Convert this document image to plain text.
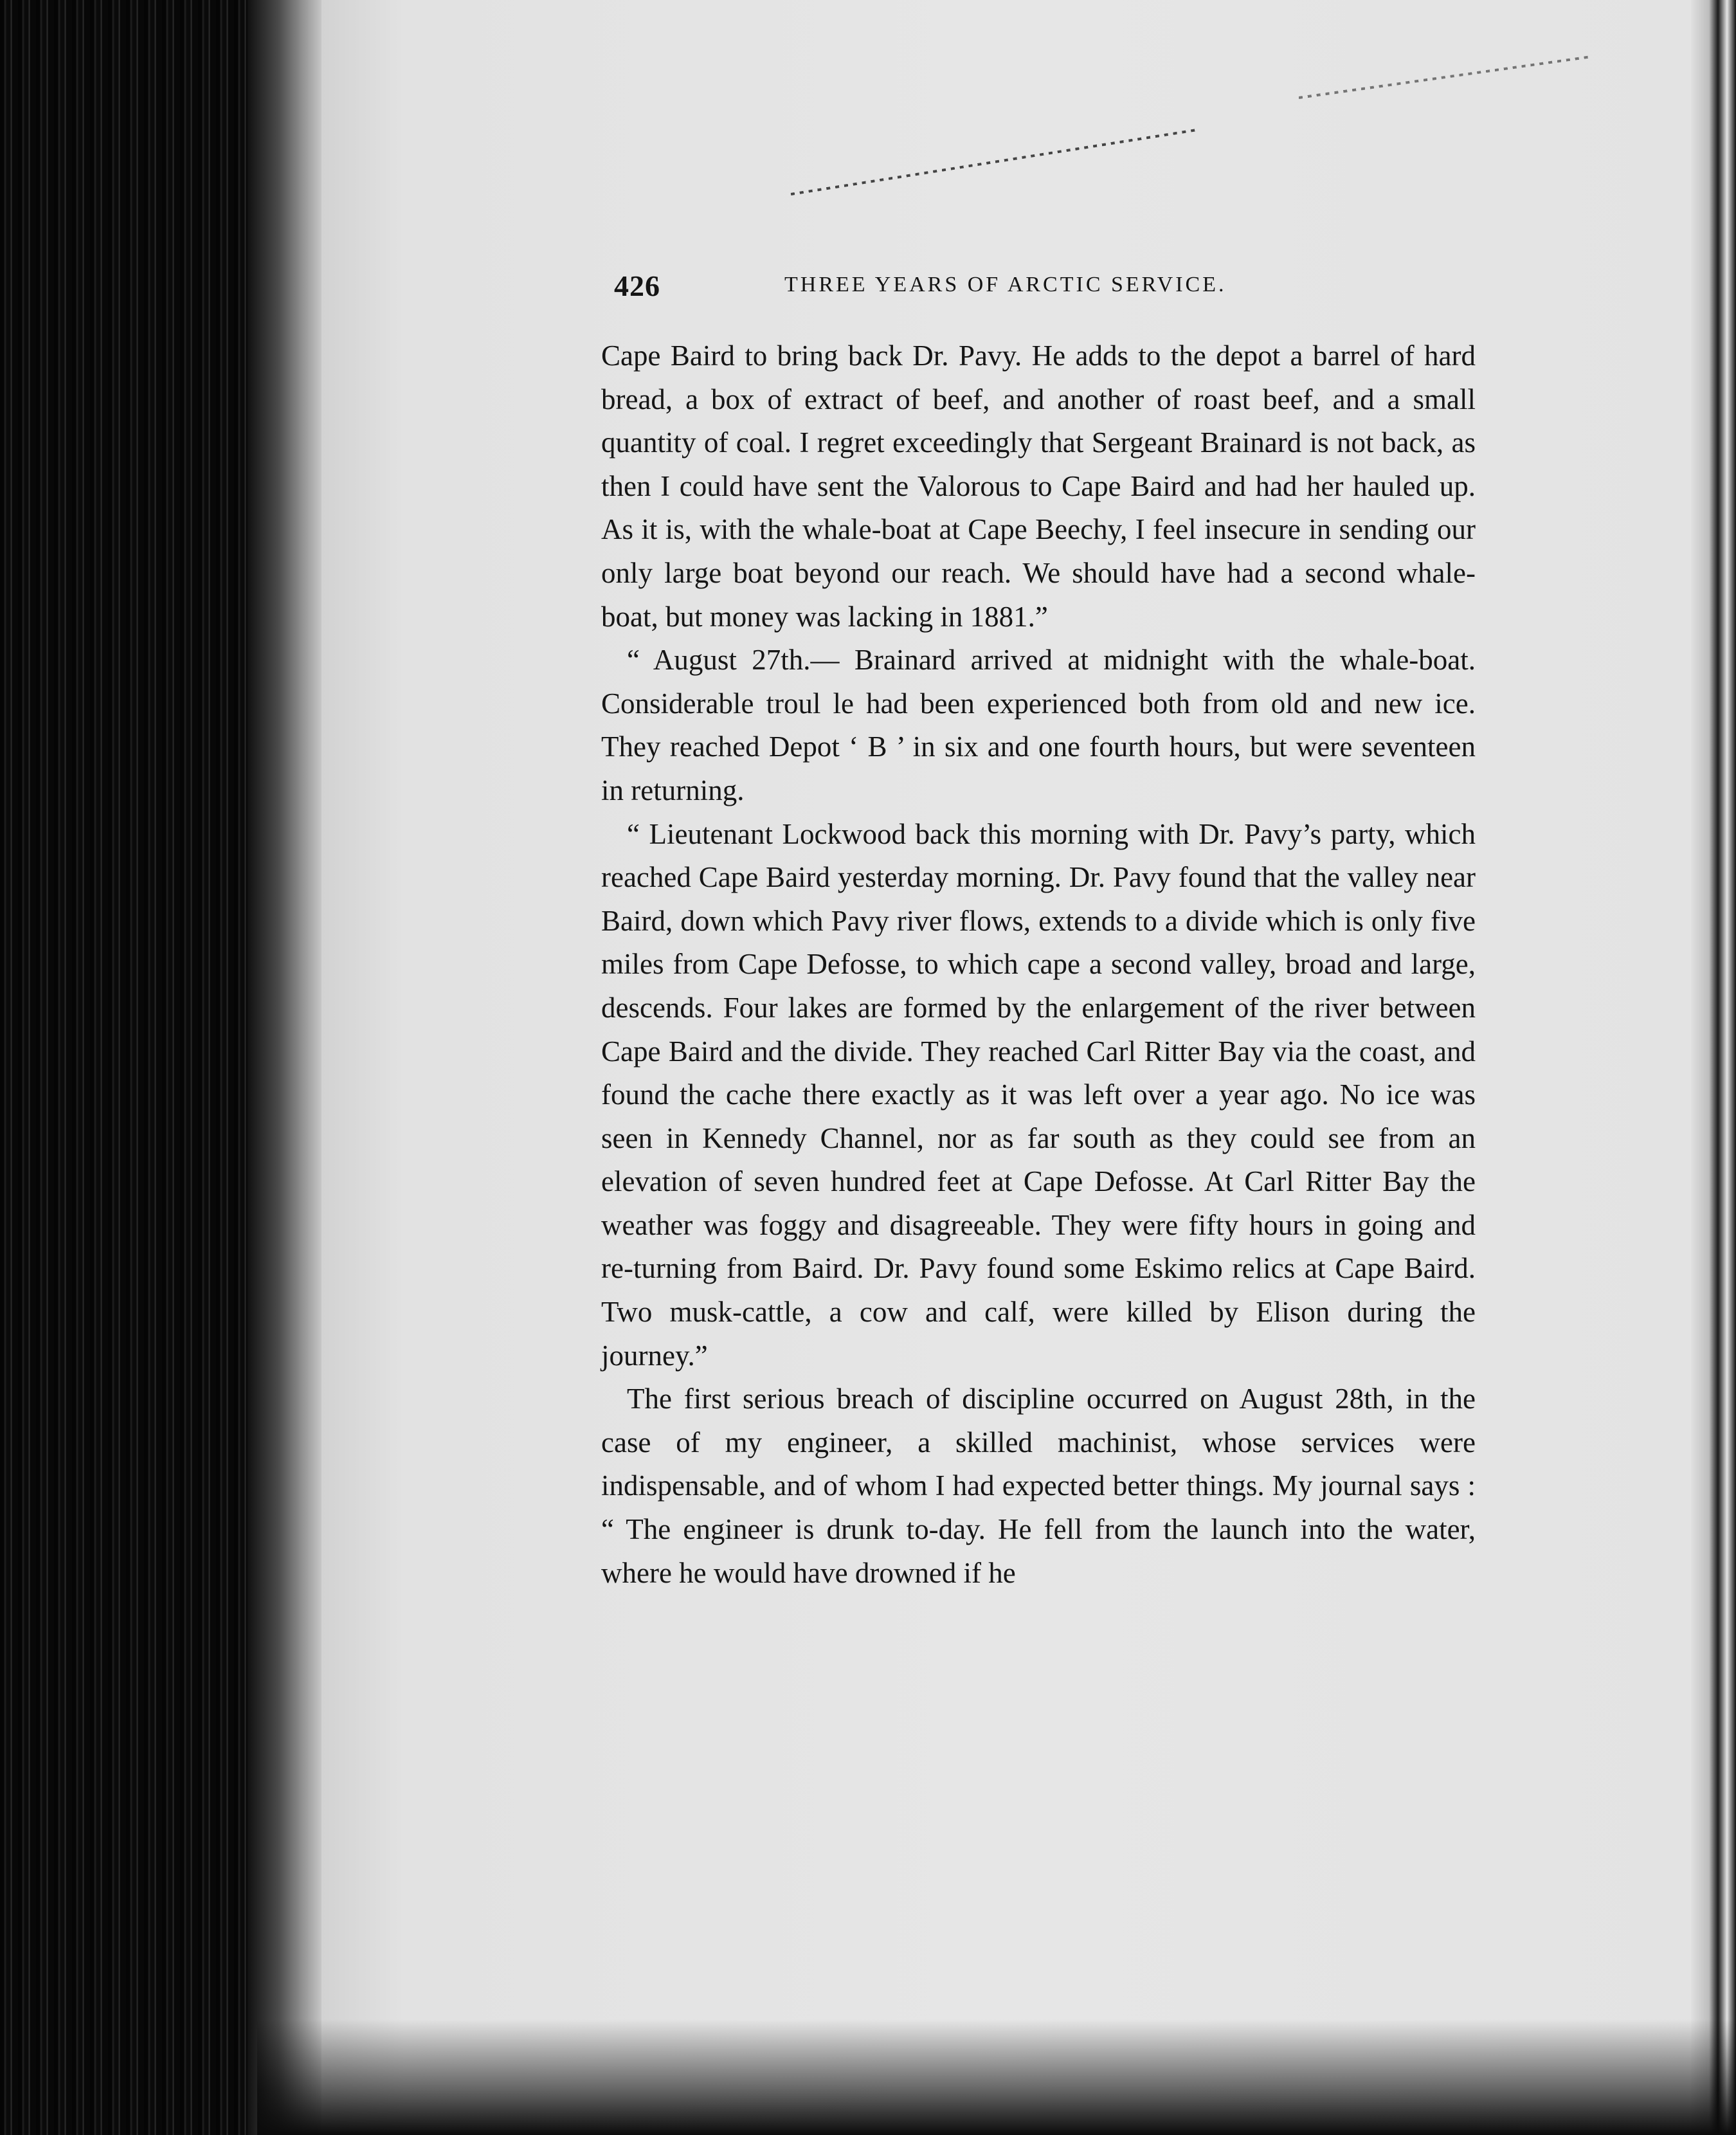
426	THREE YEARS OF ARCTIC SERVICE.

Cape Baird to bring back Dr. Pavy. He adds to the depot a barrel of hard bread, a box of extract of beef, and another of roast beef, and a small quantity of coal. I regret exceedingly that Sergeant Brainard is not back, as then I could have sent the Valorous to Cape Baird and had her hauled up. As it is, with the whale-boat at Cape Beechy, I feel insecure in sending our only large boat beyond our reach. We should have had a second whale-boat, but money was lacking in 1881.”

“ August 27th.— Brainard arrived at midnight with the whale-boat. Considerable troul le had been experienced both from old and new ice. They reached Depot ‘ B ’ in six and one fourth hours, but were seventeen in returning.

“ Lieutenant Lockwood back this morning with Dr. Pavy’s party, which reached Cape Baird yesterday morning. Dr. Pavy found that the valley near Baird, down which Pavy river flows, extends to a divide which is only five miles from Cape Defosse, to which cape a second valley, broad and large, descends. Four lakes are formed by the enlargement of the river between Cape Baird and the divide. They reached Carl Ritter Bay via the coast, and found the cache there exactly as it was left over a year ago. No ice was seen in Kennedy Channel, nor as far south as they could see from an elevation of seven hundred feet at Cape Defosse. At Carl Ritter Bay the weather was foggy and disagreeable. They were fifty hours in going and re-turning from Baird. Dr. Pavy found some Eskimo relics at Cape Baird. Two musk-cattle, a cow and calf, were killed by Elison during the journey.”

The first serious breach of discipline occurred on August 28th, in the case of my engineer, a skilled machinist, whose services were indispensable, and of whom I had expected better things. My journal says : “ The engineer is drunk to-day. He fell from the launch into the water, where he would have drowned if he
